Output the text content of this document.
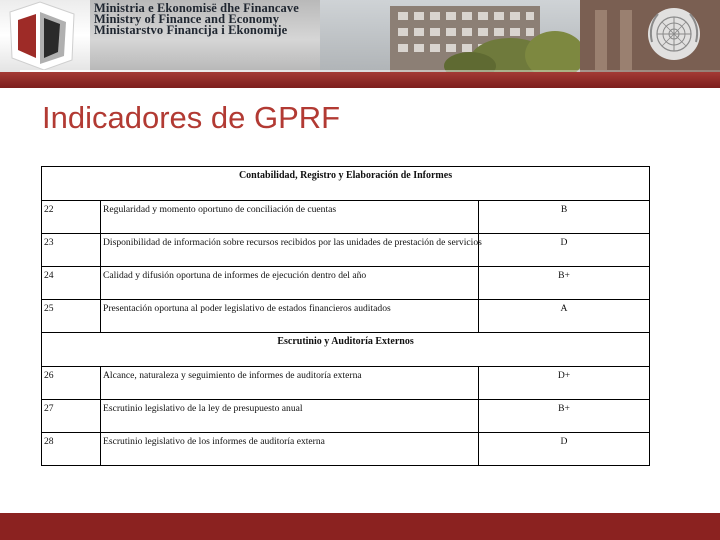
Ministria e Ekonomisë dhe Financave
Ministry of Finance and Economy
Ministarstvo Financija i Ekonomije
Indicadores de GPRF
Contabilidad, Registro y Elaboración de Informes		
22	Regularidad y momento oportuno de conciliación de cuentas	B
23	Disponibilidad de información sobre recursos recibidos por las unidades de prestación de servicios	D
24	Calidad y difusión oportuna de informes de ejecución dentro del año	B+
25	Presentación oportuna al poder legislativo de estados financieros auditados	A
Escrutinio y Auditoría Externos		
26	Alcance, naturaleza y seguimiento de informes de auditoría externa	D+
27	Escrutinio legislativo de la ley de presupuesto anual	B+
28	Escrutinio legislativo de los informes de auditoría externa	D
